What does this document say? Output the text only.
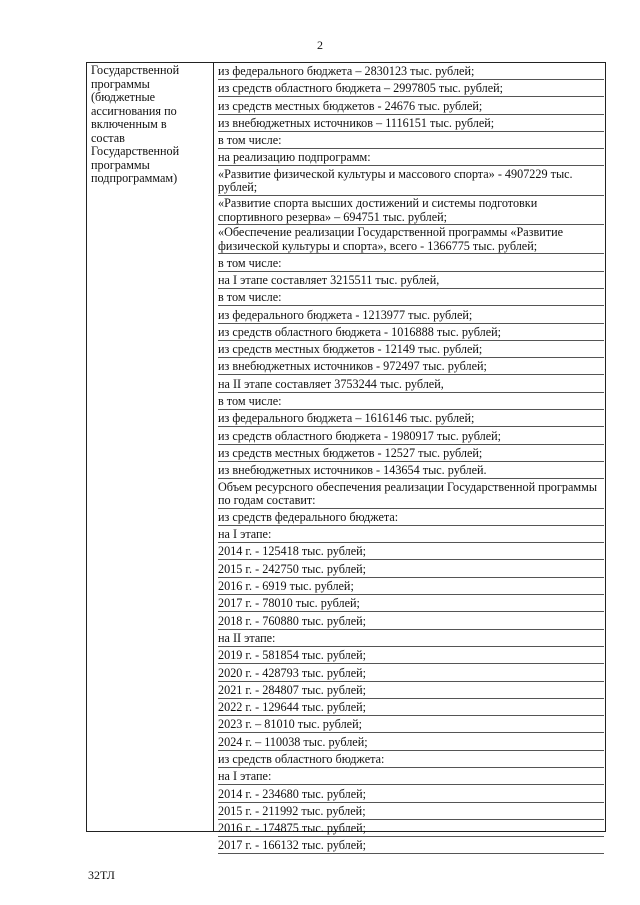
2
Государственной
программы
(бюджетные
ассигнования по
включенным в
состав
Государственной
программы
подпрограммам)
из федерального бюджета – 2830123 тыс. рублей;
из средств областного бюджета – 2997805 тыс. рублей;
из средств местных бюджетов - 24676 тыс. рублей;
из внебюджетных источников – 1116151 тыс. рублей;
в том числе:
на реализацию подпрограмм:
«Развитие физической культуры и массового спорта» - 4907229 тыс. рублей;
«Развитие спорта высших достижений и системы подготовки спортивного резерва» – 694751 тыс. рублей;
«Обеспечение реализации Государственной программы «Развитие физической культуры и спорта», всего - 1366775 тыс. рублей;
в том числе:
на I этапе составляет 3215511 тыс. рублей,
в том числе:
из федерального бюджета - 1213977 тыс. рублей;
из средств областного бюджета - 1016888 тыс. рублей;
из средств местных бюджетов - 12149 тыс. рублей;
из внебюджетных источников - 972497 тыс. рублей;
на II этапе составляет 3753244 тыс. рублей,
в том числе:
из федерального бюджета – 1616146 тыс. рублей;
из средств областного бюджета - 1980917 тыс. рублей;
из средств местных бюджетов - 12527 тыс. рублей;
из внебюджетных источников - 143654 тыс. рублей.
Объем ресурсного обеспечения реализации Государственной программы по годам составит:
из средств федерального бюджета:
на I этапе:
2014 г. - 125418 тыс. рублей;
2015 г. - 242750 тыс. рублей;
2016 г. - 6919 тыс. рублей;
2017 г. - 78010 тыс. рублей;
2018 г. - 760880 тыс. рублей;
на II этапе:
2019 г. - 581854 тыс. рублей;
2020 г. - 428793 тыс. рублей;
2021 г. - 284807 тыс. рублей;
2022 г. - 129644 тыс. рублей;
2023 г. – 81010 тыс. рублей;
2024 г. – 110038 тыс. рублей;
из средств областного бюджета:
на I этапе:
2014 г. - 234680 тыс. рублей;
2015 г. - 211992 тыс. рублей;
2016 г. - 174875 тыс. рублей;
2017 г. - 166132 тыс. рублей;
32ТЛ
